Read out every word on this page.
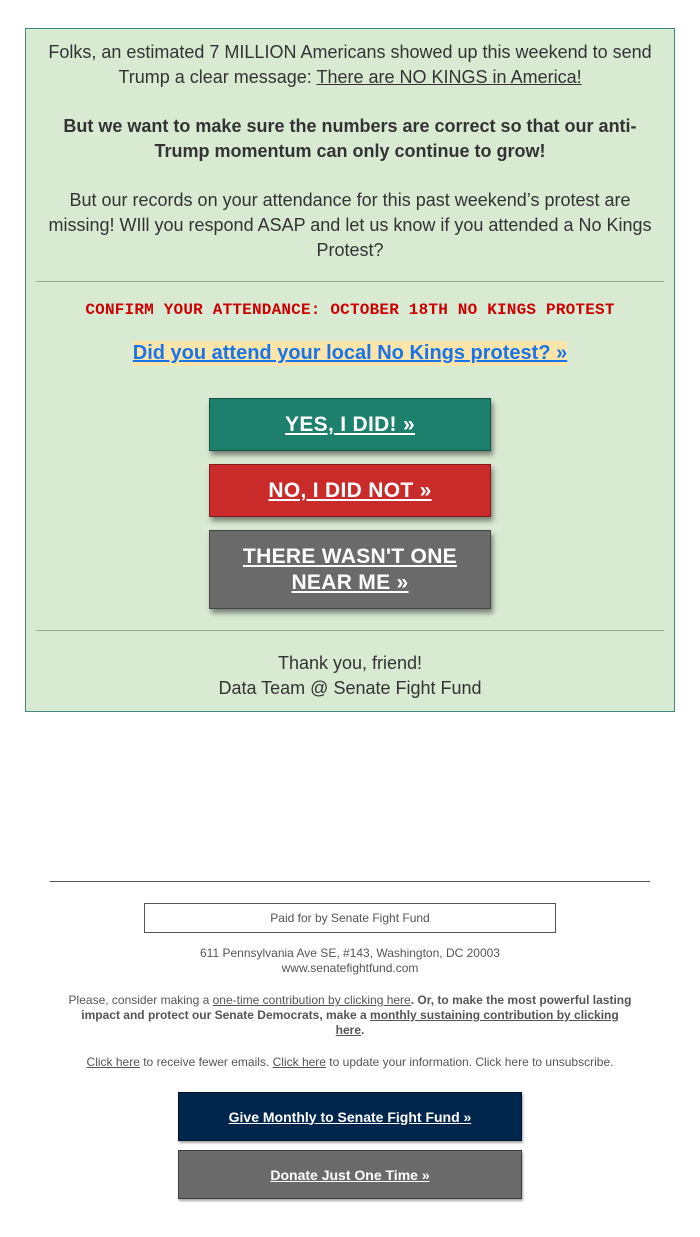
Folks, an estimated 7 MILLION Americans showed up this weekend to send Trump a clear message: There are NO KINGS in America!

But we want to make sure the numbers are correct so that our anti-Trump momentum can only continue to grow!

But our records on your attendance for this past weekend’s protest are missing! WIll you respond ASAP and let us know if you attended a No Kings Protest?

CONFIRM YOUR ATTENDANCE: OCTOBER 18TH NO KINGS PROTEST
Did you attend your local No Kings protest? »
YES, I DID! »
NO, I DID NOT »
THERE WASN'T ONE NEAR ME »
Thank you, friend!
Data Team @ Senate Fight Fund
Paid for by Senate Fight Fund
611 Pennsylvania Ave SE, #143, Washington, DC 20003
www.senatefightfund.com
Please, consider making a one-time contribution by clicking here. Or, to make the most powerful lasting impact and protect our Senate Democrats, make a monthly sustaining contribution by clicking here.
Click here to receive fewer emails. Click here to update your information. Click here to unsubscribe.
Give Monthly to Senate Fight Fund »
Donate Just One Time »
